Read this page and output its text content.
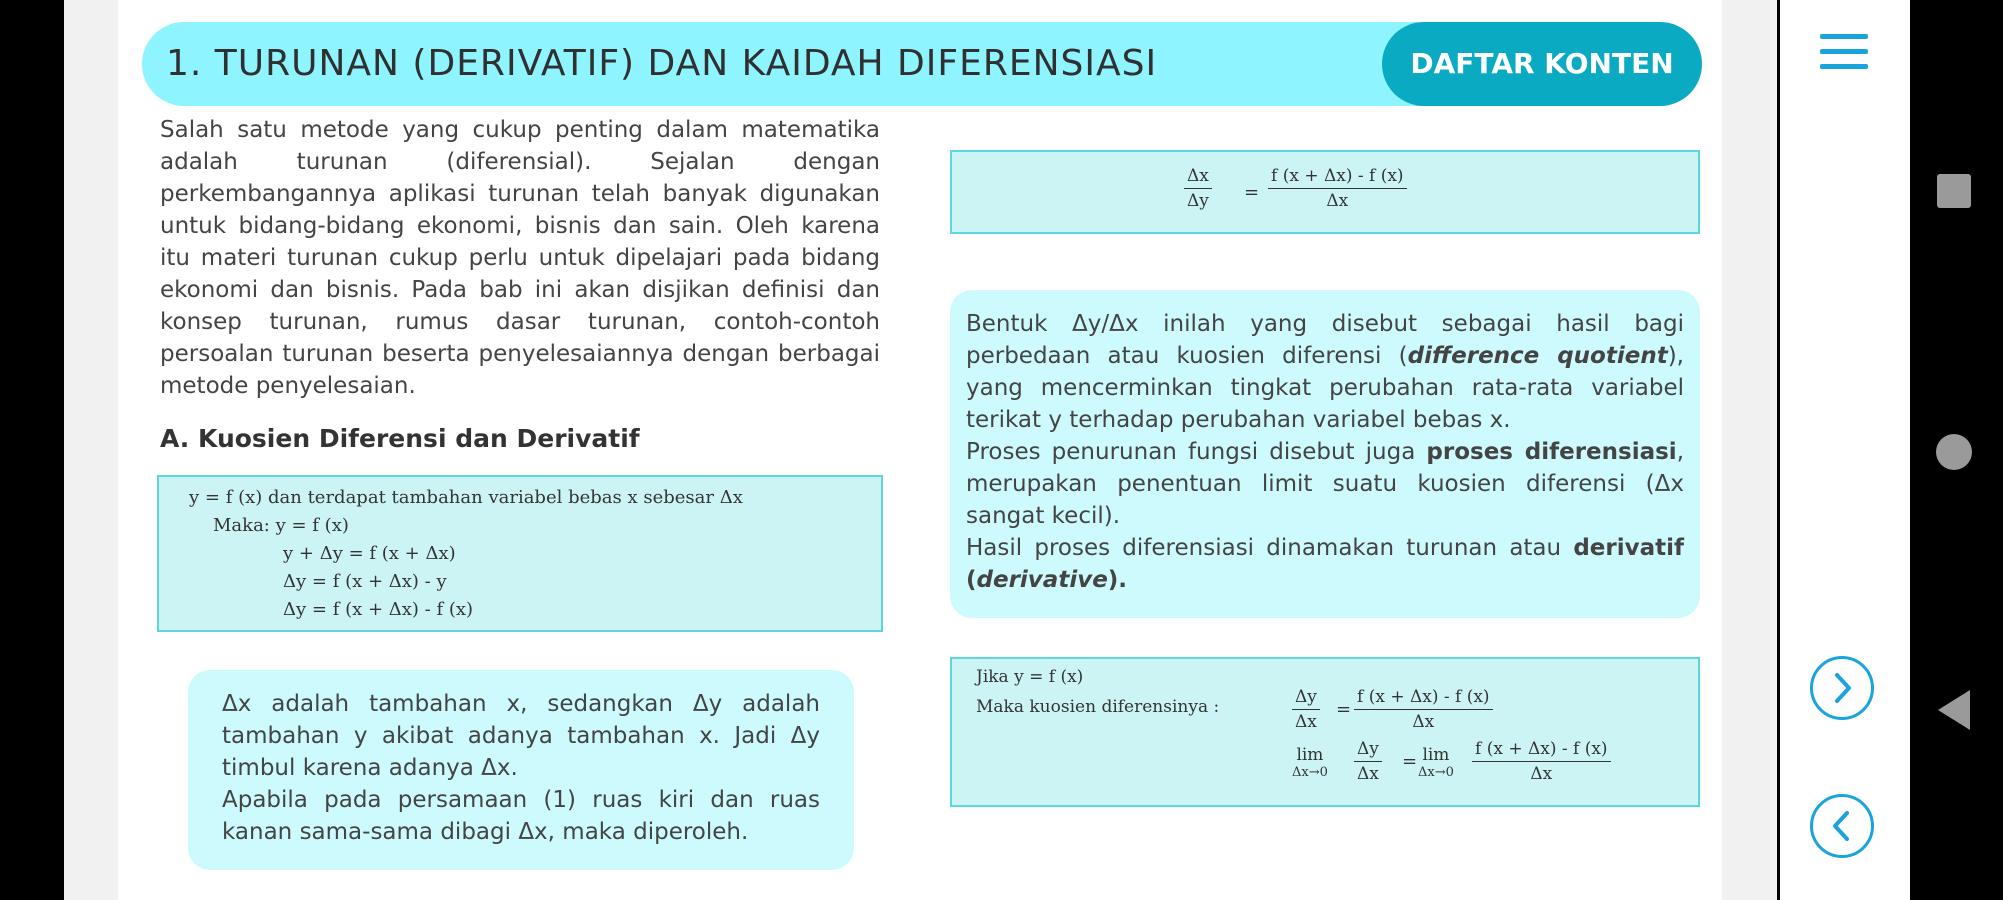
1. TURUNAN (DERIVATIF) DAN KAIDAH DIFERENSIASI	DAFTAR KONTEN

Salah satu metode yang cukup penting dalam matematika adalah turunan (diferensial). Sejalan dengan perkembangannya aplikasi turunan telah banyak digunakan untuk bidang-bidang ekonomi, bisnis dan sain. Oleh karena itu materi turunan cukup perlu untuk dipelajari pada bidang ekonomi dan bisnis. Pada bab ini akan disjikan definisi dan konsep turunan, rumus dasar turunan, contoh-contoh persoalan turunan beserta penyelesaiannya dengan berbagai metode penyelesaian.

A. Kuosien Diferensi dan Derivatif
y = f (x) dan terdapat tambahan variabel bebas x sebesar Δx
Maka: y = f (x)
y + Δy = f (x + Δx)
Δy = f (x + Δx) - y
Δy = f (x + Δx) - f (x)

Δx adalah tambahan x, sedangkan Δy adalah tambahan y akibat adanya tambahan x. Jadi Δy timbul karena adanya Δx.

Apabila pada persamaan (1) ruas kiri dan ruas kanan sama-sama dibagi Δx, maka diperoleh.

$\frac{\Delta x}{\Delta y} = \frac{f (x + \Delta x) - f (x)}{\Delta x}$

Bentuk Δy/Δx inilah yang disebut sebagai hasil bagi perbedaan atau kuosien diferensi (difference quotient), yang mencerminkan tingkat perubahan rata-rata variabel terikat y terhadap perubahan variabel bebas x.

Proses penurunan fungsi disebut juga proses diferensiasi, merupakan penentuan limit suatu kuosien diferensi (Δx sangat kecil).

Hasil proses diferensiasi dinamakan turunan atau derivatif (derivative).

Jika y = f (x)
Maka kuosien diferensinya :	$\frac{\Delta y}{\Delta x} = \frac{f (x + \Delta x) - f (x)}{\Delta x}$
lim
$\Delta x\to 0 \frac{\Delta y}{\Delta x} = \lim$
$\Delta x\to 0 \frac{f (x + \Delta x) - f (x)}{\Delta x}$
